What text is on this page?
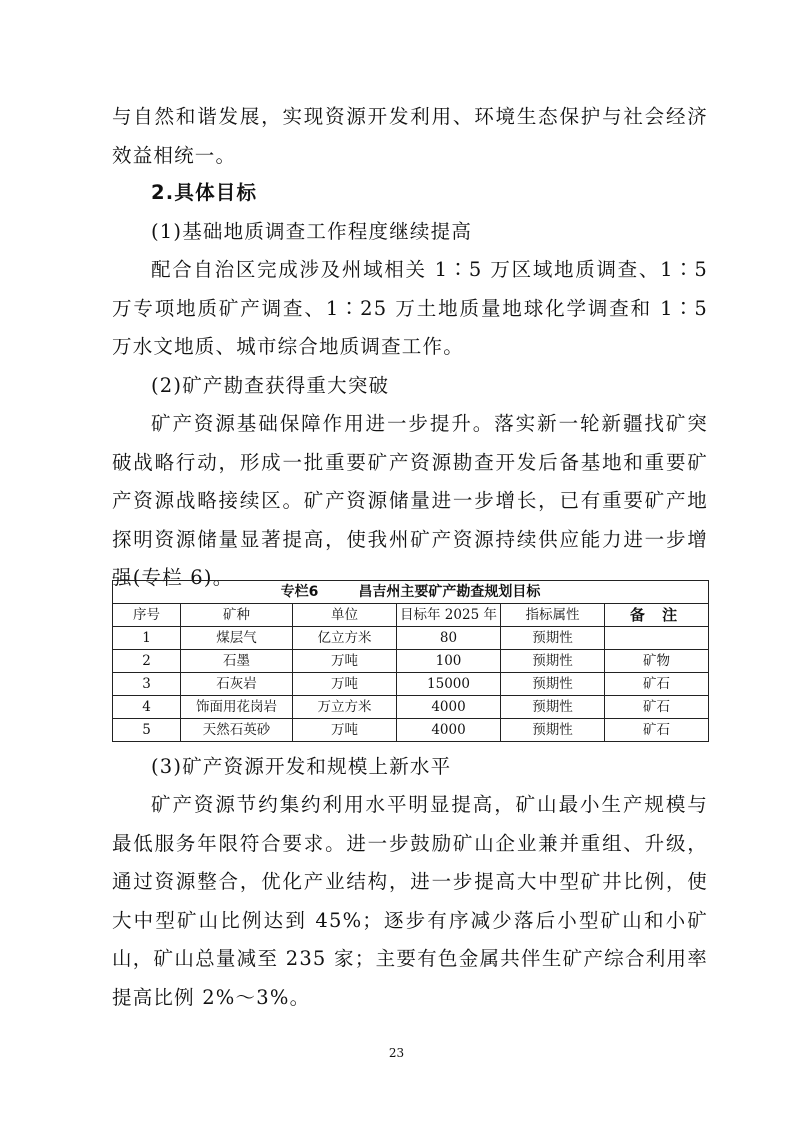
与自然和谐发展，实现资源开发利用、环境生态保护与社会经济效益相统一。

2.具体目标
(1)基础地质调查工作程度继续提高

配合自治区完成涉及州域相关 1∶5 万区域地质调查、1∶5 万专项地质矿产调查、1∶25 万土地质量地球化学调查和 1∶5 万水文地质、城市综合地质调查工作。

(2)矿产勘查获得重大突破

矿产资源基础保障作用进一步提升。落实新一轮新疆找矿突破战略行动，形成一批重要矿产资源勘查开发后备基地和重要矿产资源战略接续区。矿产资源储量进一步增长，已有重要矿产地探明资源储量显著提高，使我州矿产资源持续供应能力进一步增强(专栏 6)。

专栏6 昌吉州主要矿产勘查规划目标					
序号	矿种	单位	目标年 2025 年	指标属性	备 注
1	煤层气	亿立方米	80	预期性	
2	石墨	万吨	100	预期性	矿物
3	石灰岩	万吨	15000	预期性	矿石
4	饰面用花岗岩	万立方米	4000	预期性	矿石
5	天然石英砂	万吨	4000	预期性	矿石
(3)矿产资源开发和规模上新水平

矿产资源节约集约利用水平明显提高，矿山最小生产规模与最低服务年限符合要求。进一步鼓励矿山企业兼并重组、升级，通过资源整合，优化产业结构，进一步提高大中型矿井比例，使大中型矿山比例达到 45%；逐步有序减少落后小型矿山和小矿山，矿山总量减至 235 家；主要有色金属共伴生矿产综合利用率提高比例 2%～3%。

23
